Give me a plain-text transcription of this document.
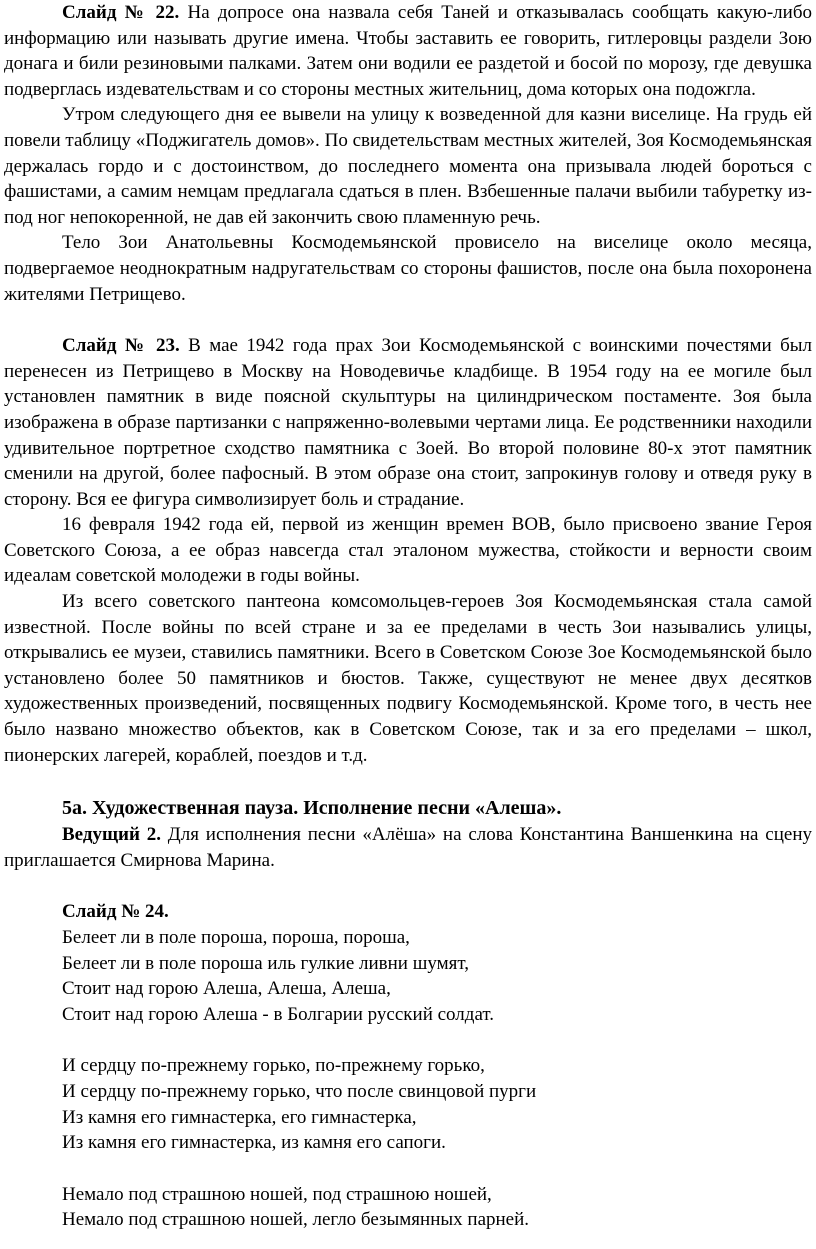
Слайд № 22. На допросе она назвала себя Таней и отказывалась сообщать какую-либо информацию или называть другие имена. Чтобы заставить ее говорить, гитлеровцы раздели Зою донага и били резиновыми палками. Затем они водили ее раздетой и босой по морозу, где девушка подверглась издевательствам и со стороны местных жительниц, дома которых она подожгла.

Утром следующего дня ее вывели на улицу к возведенной для казни виселице. На грудь ей повели таблицу «Поджигатель домов». По свидетельствам местных жителей, Зоя Космодемьянская держалась гордо и с достоинством, до последнего момента она призывала людей бороться с фашистами, а самим немцам предлагала сдаться в плен. Взбешенные палачи выбили табуретку из-под ног непокоренной, не дав ей закончить свою пламенную речь.

Тело Зои Анатольевны Космодемьянской провисело на виселице около месяца, подвергаемое неоднократным надругательствам со стороны фашистов, после она была похоронена жителями Петрищево.

Слайд № 23. В мае 1942 года прах Зои Космодемьянской с воинскими почестями был перенесен из Петрищево в Москву на Новодевичье кладбище. В 1954 году на ее могиле был установлен памятник в виде поясной скульптуры на цилиндрическом постаменте. Зоя была изображена в образе партизанки с напряженно-волевыми чертами лица. Ее родственники находили удивительное портретное сходство памятника с Зоей. Во второй половине 80-х этот памятник сменили на другой, более пафосный. В этом образе она стоит, запрокинув голову и отведя руку в сторону. Вся ее фигура символизирует боль и страдание.

16 февраля 1942 года ей, первой из женщин времен ВОВ, было присвоено звание Героя Советского Союза, а ее образ навсегда стал эталоном мужества, стойкости и верности своим идеалам советской молодежи в годы войны.

Из всего советского пантеона комсомольцев-героев Зоя Космодемьянская стала самой известной. После войны по всей стране и за ее пределами в честь Зои назывались улицы, открывались ее музеи, ставились памятники. Всего в Советском Союзе Зое Космодемьянской было установлено более 50 памятников и бюстов. Также, существуют не менее двух десятков художественных произведений, посвященных подвигу Космодемьянской. Кроме того, в честь нее было названо множество объектов, как в Советском Союзе, так и за его пределами – школ, пионерских лагерей, кораблей, поездов и т.д.

5а. Художественная пауза. Исполнение песни «Алеша».

Ведущий 2. Для исполнения песни «Алёша» на слова Константина Ваншенкина на сцену приглашается Смирнова Марина.

Слайд № 24.

Белеет ли в поле пороша, пороша, пороша,
Белеет ли в поле пороша иль гулкие ливни шумят,
Стоит над горою Алеша, Алеша, Алеша,
Стоит над горою Алеша - в Болгарии русский солдат.

И сердцу по-прежнему горько, по-прежнему горько,
И сердцу по-прежнему горько, что после свинцовой пурги
Из камня его гимнастерка, его гимнастерка,
Из камня его гимнастерка, из камня его сапоги.

Немало под страшною ношей, под страшною ношей,
Немало под страшною ношей, легло безымянных парней.
